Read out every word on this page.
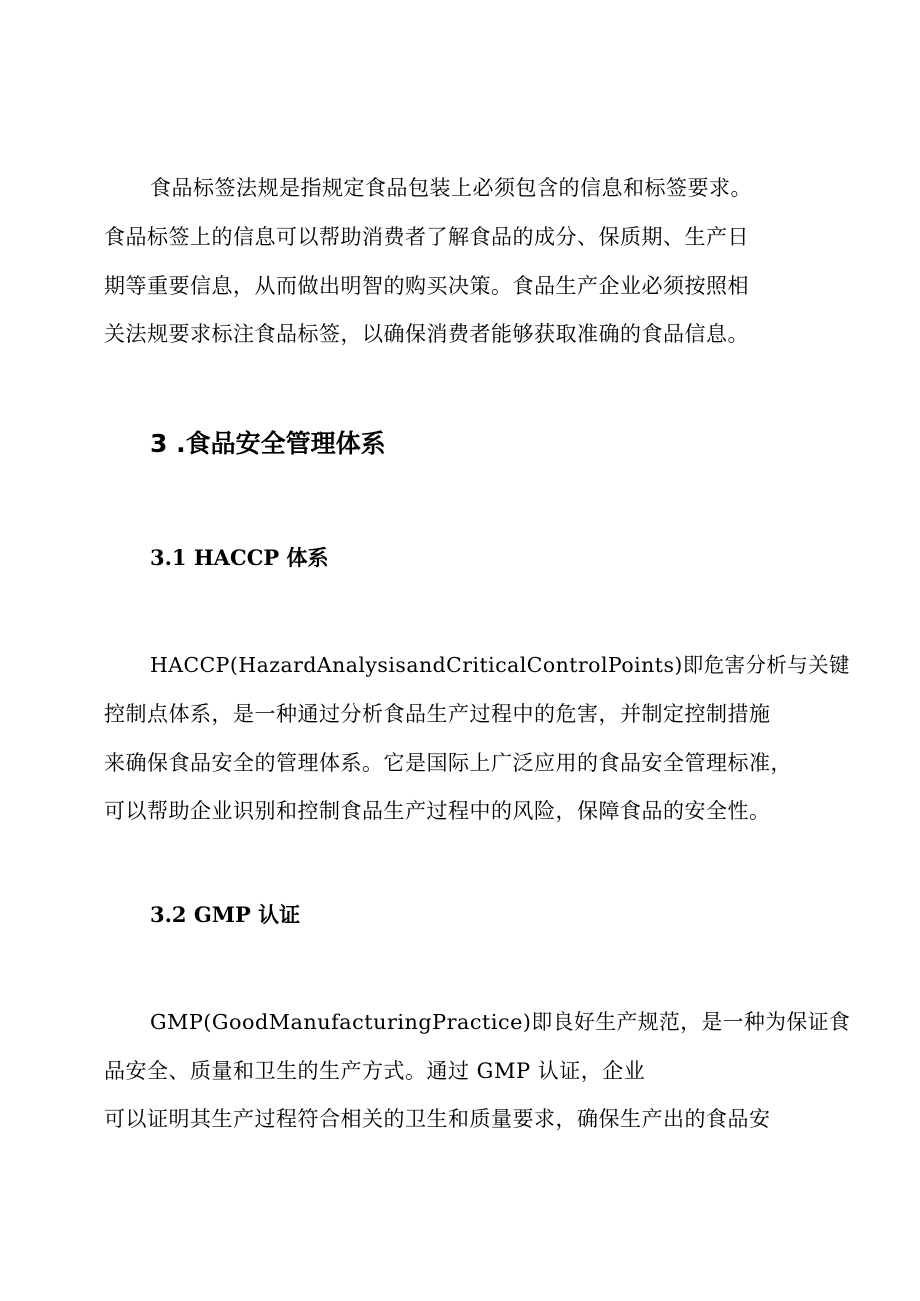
食品标签法规是指规定食品包装上必须包含的信息和标签要求。
食品标签上的信息可以帮助消费者了解食品的成分、保质期、生产日
期等重要信息，从而做出明智的购买决策。食品生产企业必须按照相
关法规要求标注食品标签，以确保消费者能够获取准确的食品信息。
3 .食品安全管理体系
3.1 HACCP 体系
HACCP(HazardAnalysisandCriticalControlPoints)即危害分析与关键
控制点体系，是一种通过分析食品生产过程中的危害，并制定控制措施
来确保食品安全的管理体系。它是国际上广泛应用的食品安全管理标准，
可以帮助企业识别和控制食品生产过程中的风险，保障食品的安全性。
3.2 GMP 认证
GMP(GoodManufacturingPractice)即良好生产规范，是一种为保证食
品安全、质量和卫生的生产方式。通过 GMP 认证，企业
可以证明其生产过程符合相关的卫生和质量要求，确保生产出的食品安
